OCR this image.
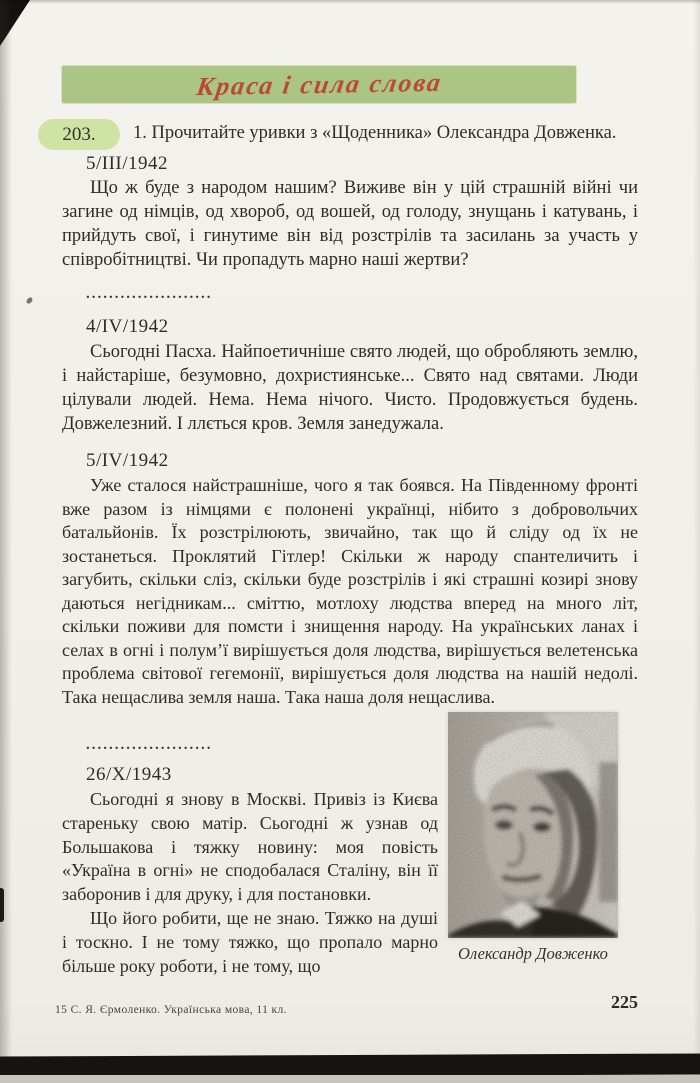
Краса і сила слова
203. 1. Прочитайте уривки з «Щоденника» Олександра Довженка.
5/III/1942
Що ж буде з народом нашим? Виживе він у цій страшній війні чи загине од німців, од хвороб, од вошей, од голоду, знущань і катувань, і прийдуть свої, і гинутиме він від розстрілів та засилань за участь у співробітництві. Чи пропадуть марно наші жертви?
......................
4/IV/1942
Сьогодні Пасха. Найпоетичніше свято людей, що обробляють землю, і найстаріше, безумовно, дохристиянське... Свято над святами. Люди цілували людей. Нема. Нема нічого. Чисто. Продовжується будень. Довжелезний. І ллється кров. Земля занедужала.
5/IV/1942
Уже сталося найстрашніше, чого я так боявся. На Південному фронті вже разом із німцями є полонені українці, нібито з добровольчих батальйонів. Їх розстрілюють, звичайно, так що й сліду од їх не зостанеться. Проклятий Гітлер! Скільки ж народу спантеличить і загубить, скільки сліз, скільки буде розстрілів і які страшні козирі знову даються негідникам... сміттю, мотлоху людства вперед на много літ, скільки поживи для помсти і знищення народу. На українських ланах і селах в огні і полум’ї вирішується доля людства, вирішується велетенська проблема світової гегемонії, вирішується доля людства на нашій недолі. Така нещаслива земля наша. Така наша доля нещаслива.
......................
26/X/1943

Сьогодні я знову в Москві. Привіз із Києва стареньку свою матір. Сьогодні ж узнав од Большакова і тяжку новину: моя повість «Україна в огні» не сподобалася Сталіну, він її заборонив і для друку, і для постановки.

Що його робити, ще не знаю. Тяжко на душі і тоскно. І не тому тяжко, що пропало марно більше року роботи, і не тому, що

Олександр Довженко
15 С. Я. Єрмоленко. Українська мова, 11 кл.	225
